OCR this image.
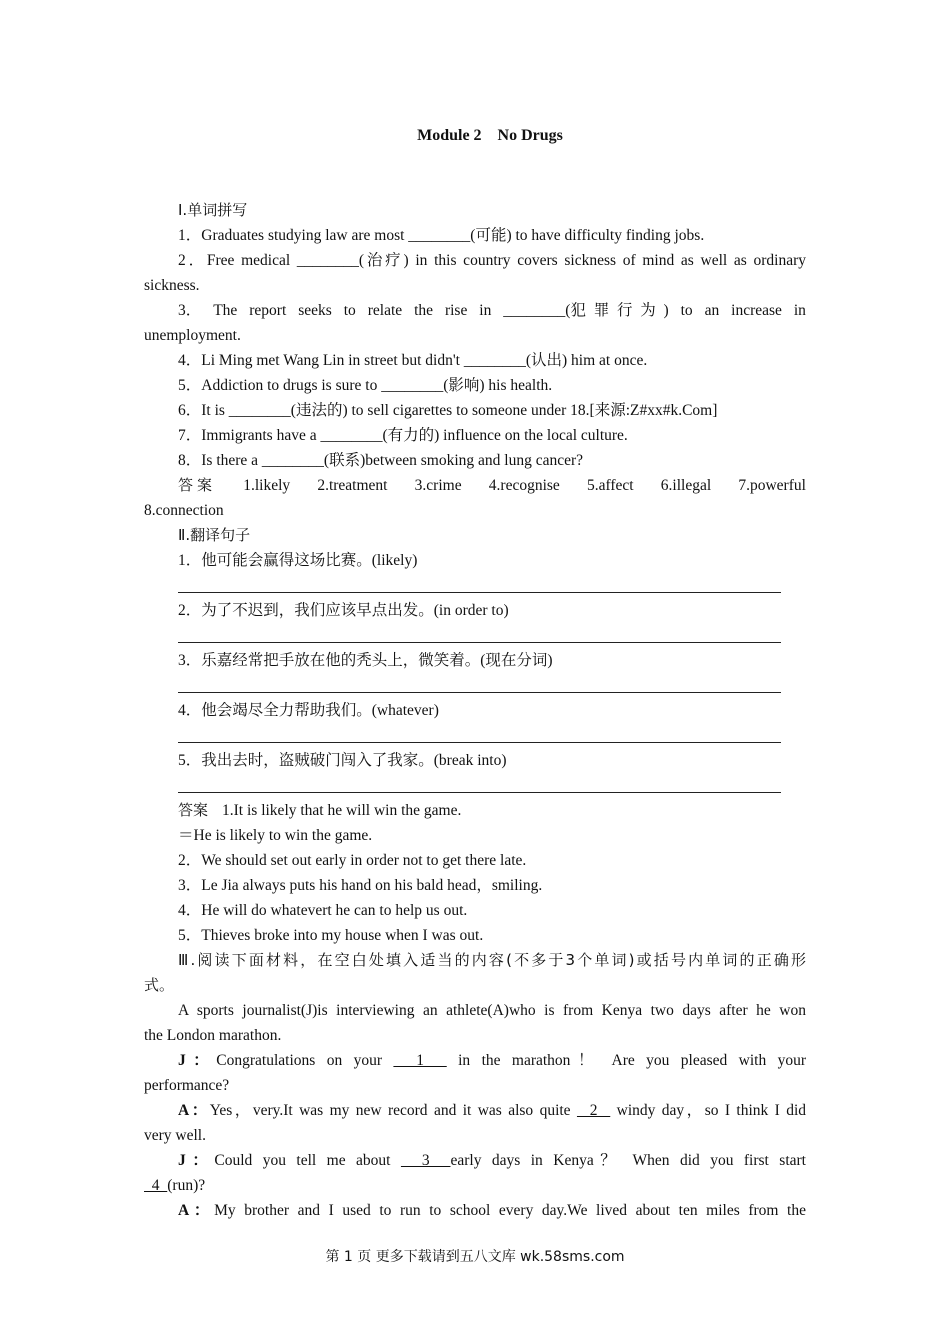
Module 2 No Drugs
Ⅰ.单词拼写
1．Graduates studying law are most ________(可能) to have difficulty finding jobs.
2．Free medical ________(治疗) in this country covers sickness of mind as well as ordinary
sickness.
3． The report seeks to relate the rise in ________(犯罪行为) to an increase in
unemployment.
4．Li Ming met Wang Lin in street but didn't ________(认出) him at once.
5．Addiction to drugs is sure to ________(影响) his health.
6．It is ________(违法的) to sell cigarettes to someone under 18.[来源:Z#xx#k.Com]
7．Immigrants have a ________(有力的) influence on the local culture.
8．Is there a ________(联系)between smoking and lung cancer?
答案 1.likely 2.treatment 3.crime 4.recognise 5.affect 6.illegal 7.powerful
8.connection
Ⅱ.翻译句子
1．他可能会赢得这场比赛。(likely)
2．为了不迟到，我们应该早点出发。(in order to)
3．乐嘉经常把手放在他的秃头上，微笑着。(现在分词)
4．他会竭尽全力帮助我们。(whatever)
5．我出去时，盗贼破门闯入了我家。(break into)
答案 1.It is likely that he will win the game.
＝He is likely to win the game.
2．We should set out early in order not to get there late.
3．Le Jia always puts his hand on his bald head，smiling.
4．He will do whatevert he can to help us out.
5．Thieves broke into my house when I was out.
Ⅲ.阅读下面材料，在空白处填入适当的内容(不多于3个单词)或括号内单词的正确形
式。
A sports journalist(J)is interviewing an athlete(A)who is from Kenya two days after he won
the London marathon.
J：Congratulations on your   1   in the marathon！ Are you pleased with your
performance?
A：Yes，very.It was my new record and it was also quite   2   windy day，so I think I did
very well.
J：Could you tell me about   3  early days in Kenya？ When did you first start
4  (run)?
A：My brother and I used to run to school every day.We lived about ten miles from the
第 1 页 更多下载请到五八文库 wk.58sms.com
